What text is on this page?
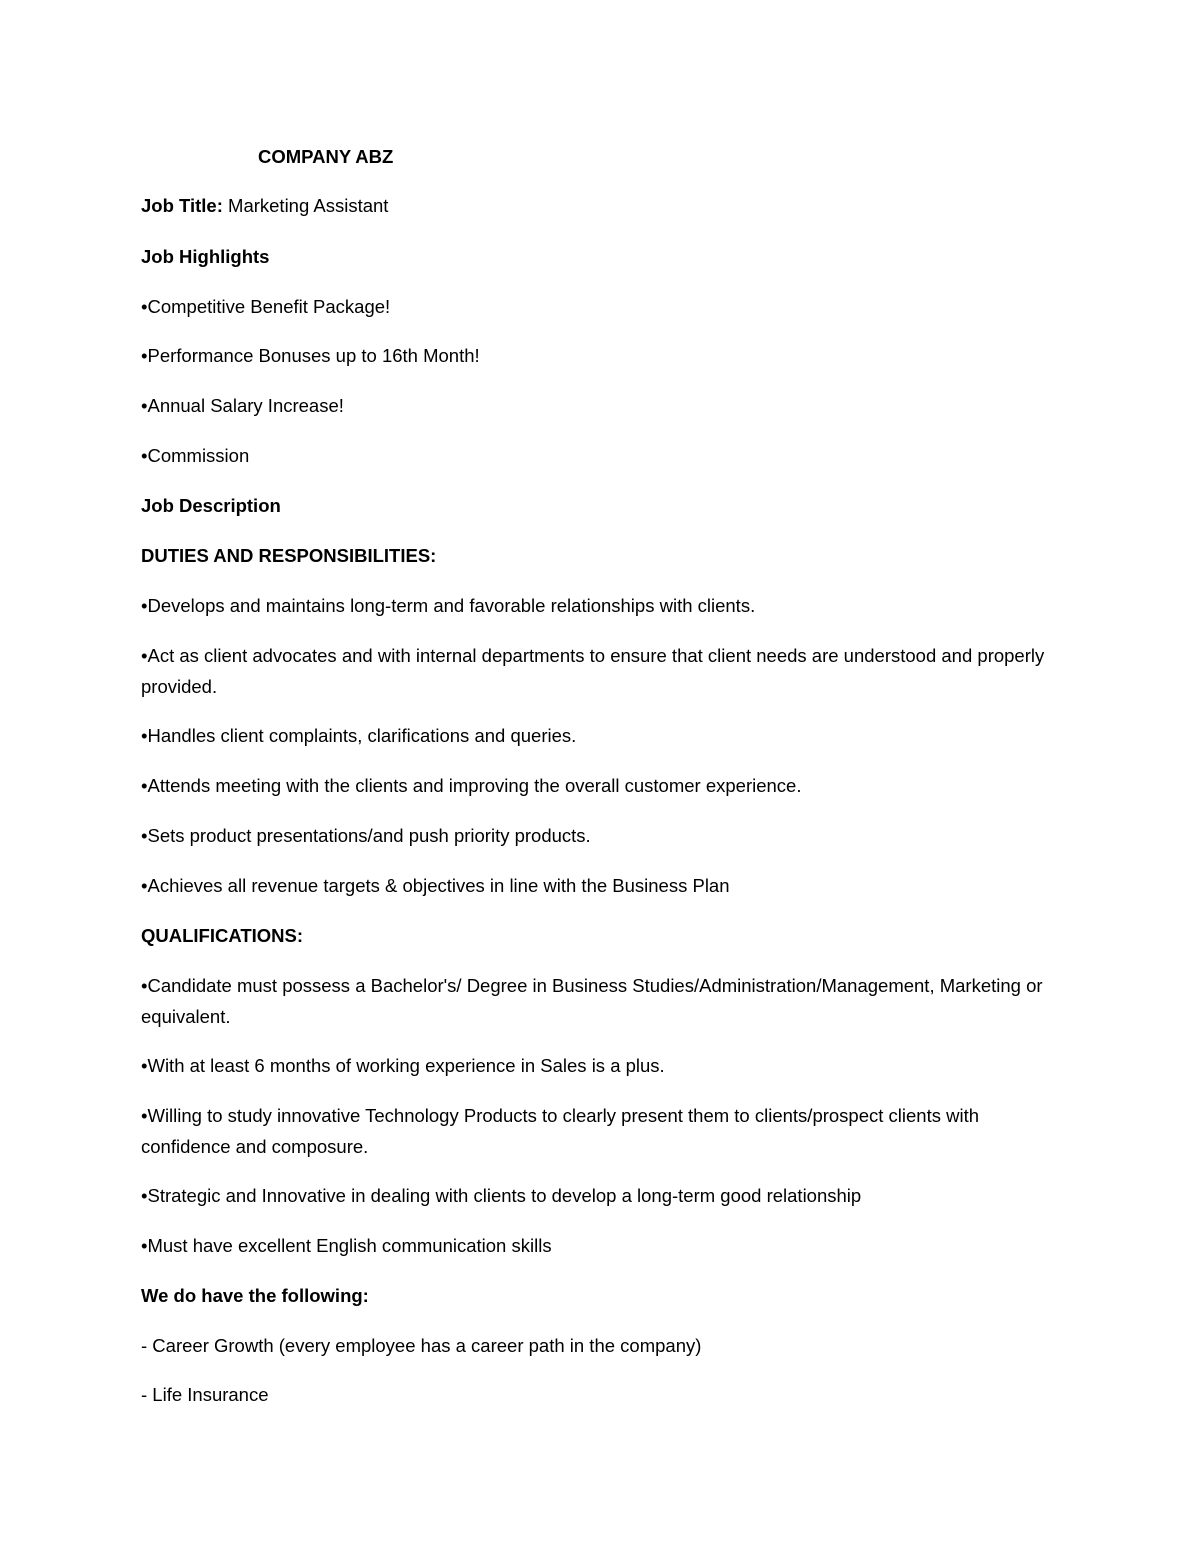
COMPANY ABZ
Job Title: Marketing Assistant
Job Highlights
•Competitive Benefit Package!
•Performance Bonuses up to 16th Month!
•Annual Salary Increase!
•Commission
Job Description
DUTIES AND RESPONSIBILITIES:
•Develops and maintains long-term and favorable relationships with clients.
•Act as client advocates and with internal departments to ensure that client needs are understood and properly provided.
•Handles client complaints, clarifications and queries.
•Attends meeting with the clients and improving the overall customer experience.
•Sets product presentations/and push priority products.
•Achieves all revenue targets & objectives in line with the Business Plan
QUALIFICATIONS:
•Candidate must possess a Bachelor's/ Degree in Business Studies/Administration/Management, Marketing or equivalent.
•With at least 6 months of working experience in Sales is a plus.
•Willing to study innovative Technology Products to clearly present them to clients/prospect clients with confidence and composure.
•Strategic and Innovative in dealing with clients to develop a long-term good relationship
•Must have excellent English communication skills
We do have the following:
- Career Growth (every employee has a career path in the company)
- Life Insurance
